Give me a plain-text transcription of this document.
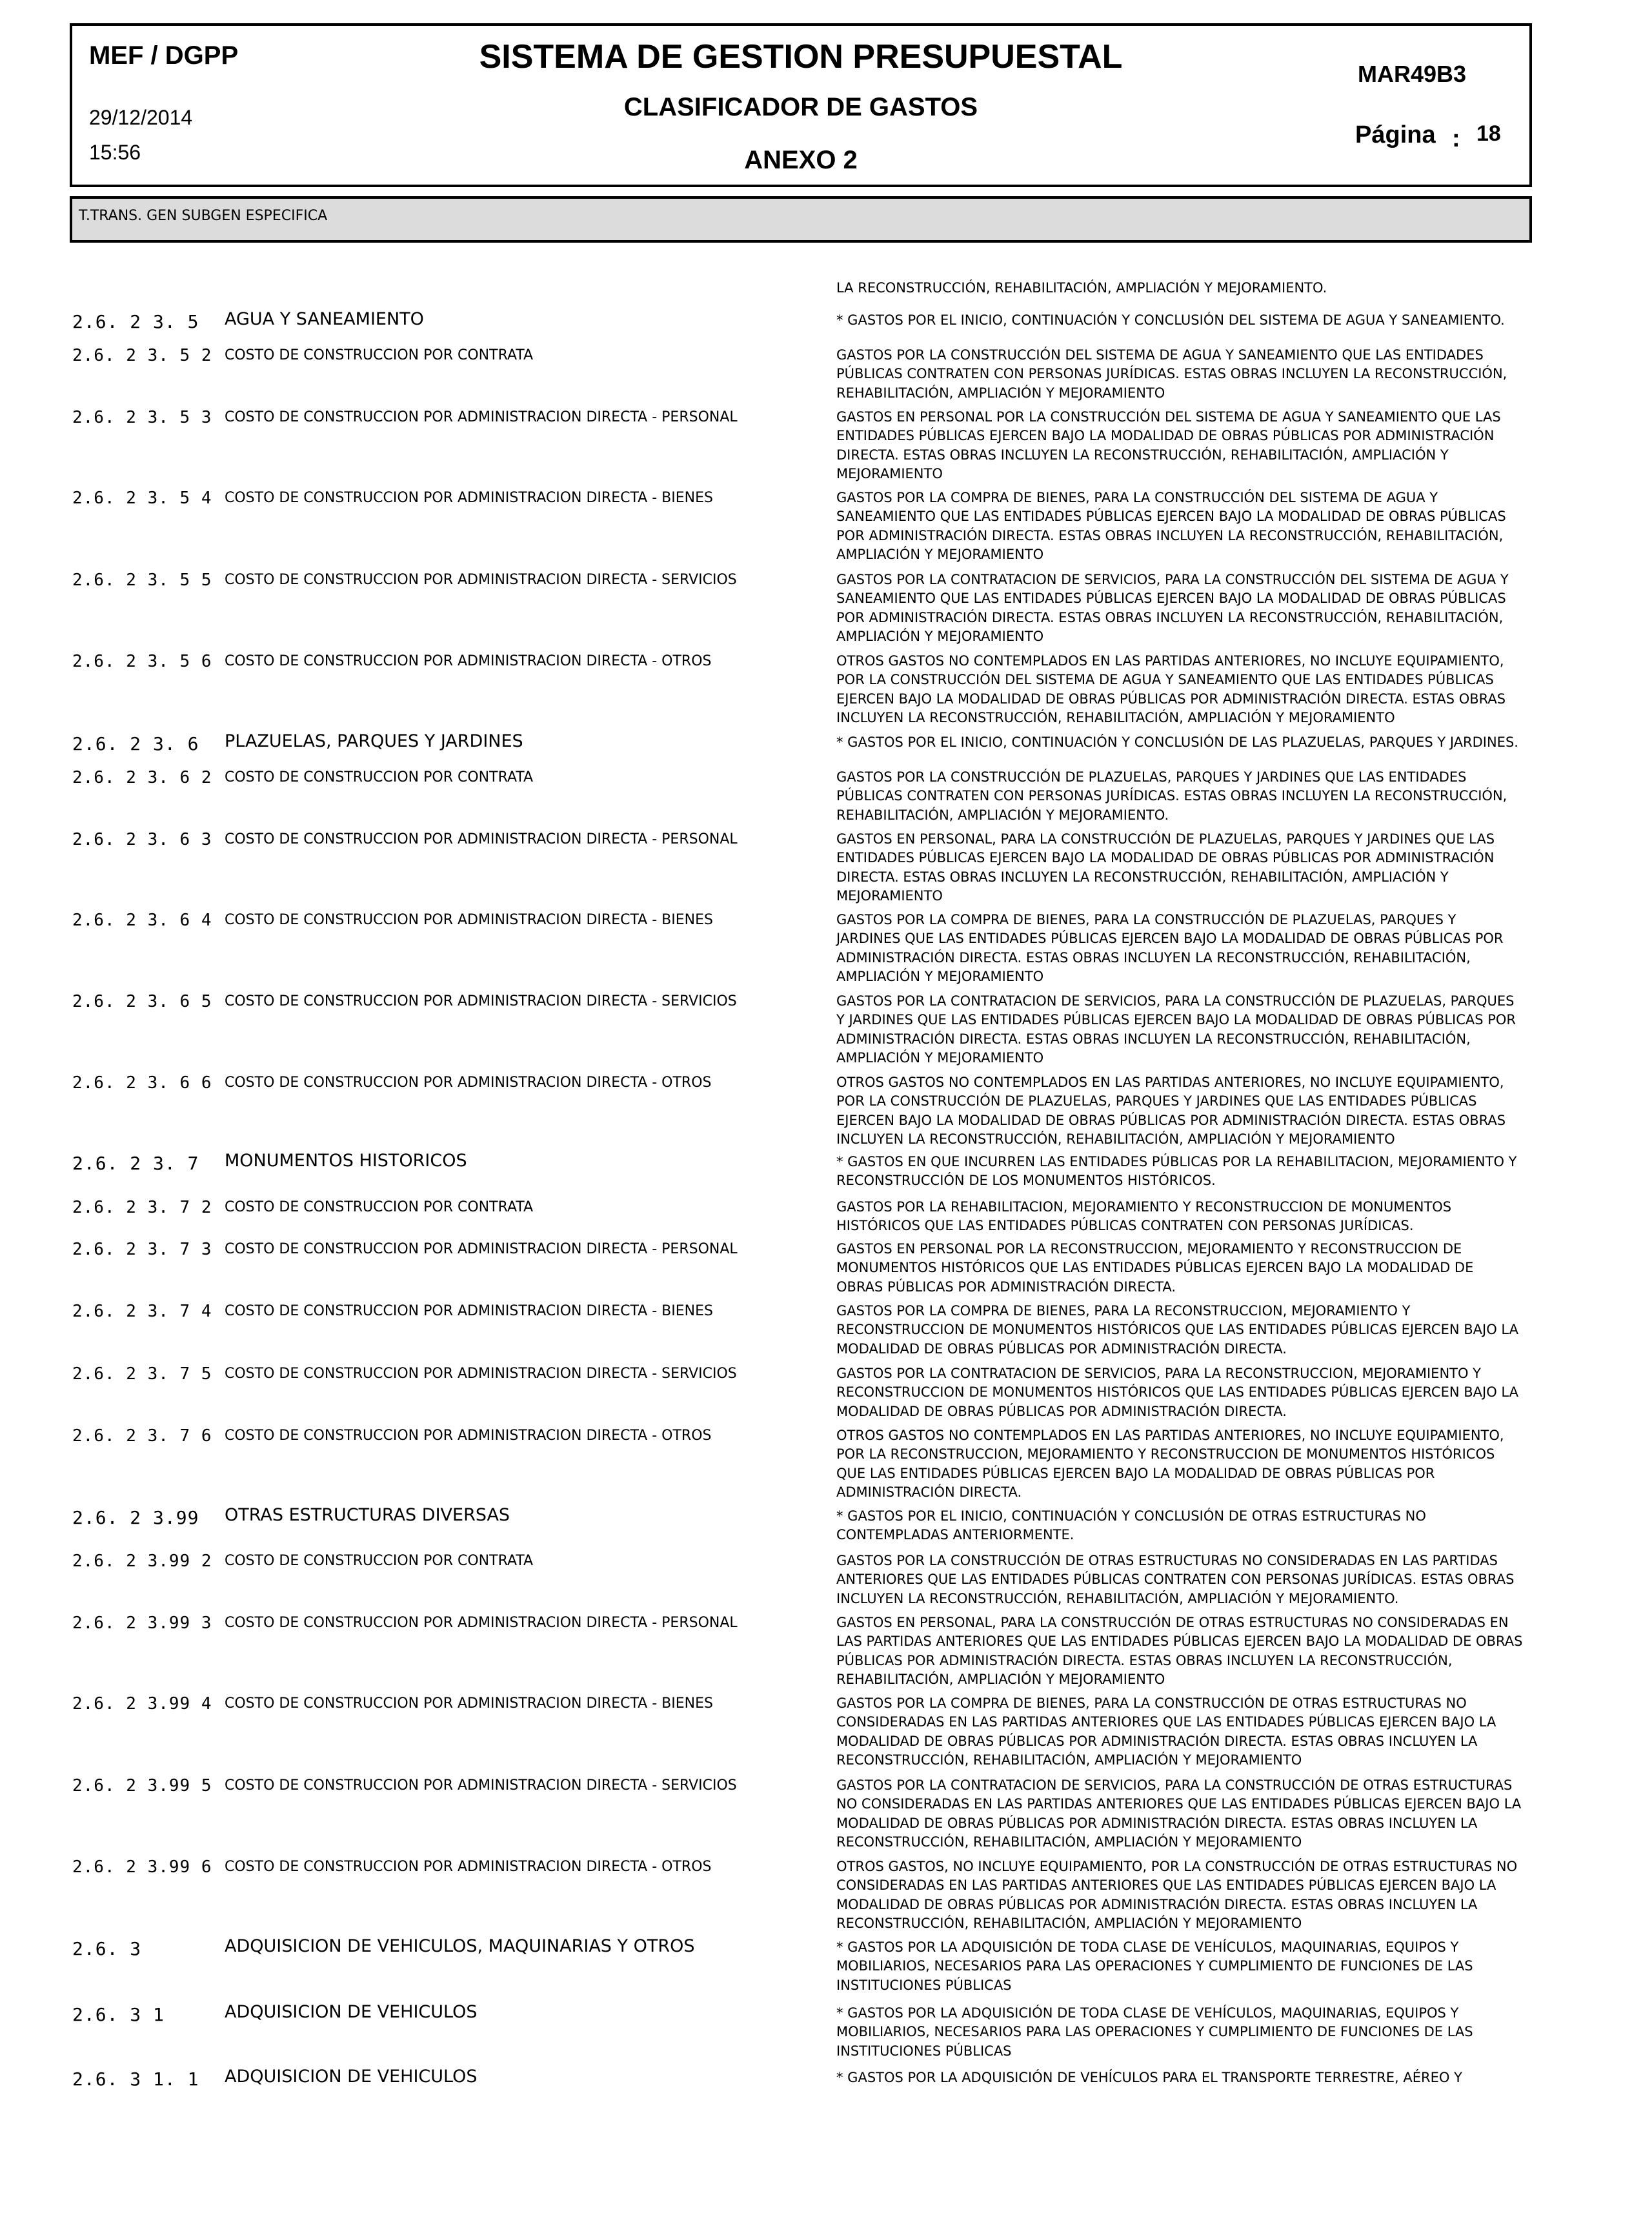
MEF / DGPP
29/12/2014
15:56
SISTEMA DE GESTION PRESUPUESTAL
CLASIFICADOR DE GASTOS
ANEXO 2
MAR49B3
Página : 18
T.TRANS. GEN SUBGEN ESPECIFICA
LA RECONSTRUCCIÓN, REHABILITACIÓN, AMPLIACIÓN Y MEJORAMIENTO.
2.6. 2 3. 5	AGUA Y SANEAMIENTO	* GASTOS POR EL INICIO, CONTINUACIÓN Y CONCLUSIÓN DEL SISTEMA DE AGUA Y SANEAMIENTO.
2.6. 2 3. 5 2 COSTO DE CONSTRUCCION POR CONTRATA	GASTOS POR LA CONSTRUCCIÓN DEL SISTEMA DE AGUA Y SANEAMIENTO QUE LAS ENTIDADES PÚBLICAS CONTRATEN CON PERSONAS JURÍDICAS. ESTAS OBRAS INCLUYEN LA RECONSTRUCCIÓN, REHABILITACIÓN, AMPLIACIÓN Y MEJORAMIENTO
2.6. 2 3. 5 3 COSTO DE CONSTRUCCION POR ADMINISTRACION DIRECTA - PERSONAL	GASTOS EN PERSONAL POR LA CONSTRUCCIÓN DEL SISTEMA DE AGUA Y SANEAMIENTO QUE LAS ENTIDADES PÚBLICAS EJERCEN BAJO LA MODALIDAD DE OBRAS PÚBLICAS POR ADMINISTRACIÓN DIRECTA. ESTAS OBRAS INCLUYEN LA RECONSTRUCCIÓN, REHABILITACIÓN, AMPLIACIÓN Y MEJORAMIENTO
2.6. 2 3. 5 4 COSTO DE CONSTRUCCION POR ADMINISTRACION DIRECTA - BIENES	GASTOS POR LA COMPRA DE BIENES, PARA LA CONSTRUCCIÓN DEL SISTEMA DE AGUA Y SANEAMIENTO QUE LAS ENTIDADES PÚBLICAS EJERCEN BAJO LA MODALIDAD DE OBRAS PÚBLICAS POR ADMINISTRACIÓN DIRECTA. ESTAS OBRAS INCLUYEN LA RECONSTRUCCIÓN, REHABILITACIÓN, AMPLIACIÓN Y MEJORAMIENTO
2.6. 2 3. 5 5 COSTO DE CONSTRUCCION POR ADMINISTRACION DIRECTA - SERVICIOS	GASTOS POR LA CONTRATACION DE SERVICIOS, PARA LA CONSTRUCCIÓN DEL SISTEMA DE AGUA Y SANEAMIENTO QUE LAS ENTIDADES PÚBLICAS EJERCEN BAJO LA MODALIDAD DE OBRAS PÚBLICAS POR ADMINISTRACIÓN DIRECTA. ESTAS OBRAS INCLUYEN LA RECONSTRUCCIÓN, REHABILITACIÓN, AMPLIACIÓN Y MEJORAMIENTO
2.6. 2 3. 5 6 COSTO DE CONSTRUCCION POR ADMINISTRACION DIRECTA - OTROS	OTROS GASTOS NO CONTEMPLADOS EN LAS PARTIDAS ANTERIORES, NO INCLUYE EQUIPAMIENTO, POR LA CONSTRUCCIÓN DEL SISTEMA DE AGUA Y SANEAMIENTO QUE LAS ENTIDADES PÚBLICAS EJERCEN BAJO LA MODALIDAD DE OBRAS PÚBLICAS POR ADMINISTRACIÓN DIRECTA. ESTAS OBRAS INCLUYEN LA RECONSTRUCCIÓN, REHABILITACIÓN, AMPLIACIÓN Y MEJORAMIENTO
2.6. 2 3. 6	PLAZUELAS, PARQUES Y JARDINES	* GASTOS POR EL INICIO, CONTINUACIÓN Y CONCLUSIÓN DE LAS PLAZUELAS, PARQUES Y JARDINES.
2.6. 2 3. 6 2 COSTO DE CONSTRUCCION POR CONTRATA	GASTOS POR LA CONSTRUCCIÓN DE PLAZUELAS, PARQUES Y JARDINES QUE LAS ENTIDADES PÚBLICAS CONTRATEN CON PERSONAS JURÍDICAS. ESTAS OBRAS INCLUYEN LA RECONSTRUCCIÓN, REHABILITACIÓN, AMPLIACIÓN Y MEJORAMIENTO.
2.6. 2 3. 6 3 COSTO DE CONSTRUCCION POR ADMINISTRACION DIRECTA - PERSONAL	GASTOS EN PERSONAL, PARA LA CONSTRUCCIÓN DE PLAZUELAS, PARQUES Y JARDINES QUE LAS ENTIDADES PÚBLICAS EJERCEN BAJO LA MODALIDAD DE OBRAS PÚBLICAS POR ADMINISTRACIÓN DIRECTA. ESTAS OBRAS INCLUYEN LA RECONSTRUCCIÓN, REHABILITACIÓN, AMPLIACIÓN Y MEJORAMIENTO
2.6. 2 3. 6 4 COSTO DE CONSTRUCCION POR ADMINISTRACION DIRECTA - BIENES	GASTOS POR LA COMPRA DE BIENES, PARA LA CONSTRUCCIÓN DE PLAZUELAS, PARQUES Y JARDINES QUE LAS ENTIDADES PÚBLICAS EJERCEN BAJO LA MODALIDAD DE OBRAS PÚBLICAS POR ADMINISTRACIÓN DIRECTA. ESTAS OBRAS INCLUYEN LA RECONSTRUCCIÓN, REHABILITACIÓN, AMPLIACIÓN Y MEJORAMIENTO
2.6. 2 3. 6 5 COSTO DE CONSTRUCCION POR ADMINISTRACION DIRECTA - SERVICIOS	GASTOS POR LA CONTRATACION DE SERVICIOS, PARA LA CONSTRUCCIÓN DE PLAZUELAS, PARQUES Y JARDINES QUE LAS ENTIDADES PÚBLICAS EJERCEN BAJO LA MODALIDAD DE OBRAS PÚBLICAS POR ADMINISTRACIÓN DIRECTA. ESTAS OBRAS INCLUYEN LA RECONSTRUCCIÓN, REHABILITACIÓN, AMPLIACIÓN Y MEJORAMIENTO
2.6. 2 3. 6 6 COSTO DE CONSTRUCCION POR ADMINISTRACION DIRECTA - OTROS	OTROS GASTOS NO CONTEMPLADOS EN LAS PARTIDAS ANTERIORES, NO INCLUYE EQUIPAMIENTO, POR LA CONSTRUCCIÓN DE PLAZUELAS, PARQUES Y JARDINES QUE LAS ENTIDADES PÚBLICAS EJERCEN BAJO LA MODALIDAD DE OBRAS PÚBLICAS POR ADMINISTRACIÓN DIRECTA. ESTAS OBRAS INCLUYEN LA RECONSTRUCCIÓN, REHABILITACIÓN, AMPLIACIÓN Y MEJORAMIENTO
2.6. 2 3. 7	MONUMENTOS HISTORICOS	* GASTOS EN QUE INCURREN LAS ENTIDADES PÚBLICAS POR LA REHABILITACION, MEJORAMIENTO Y RECONSTRUCCIÓN DE LOS MONUMENTOS HISTÓRICOS.
2.6. 2 3. 7 2 COSTO DE CONSTRUCCION POR CONTRATA	GASTOS POR LA REHABILITACION, MEJORAMIENTO Y RECONSTRUCCION DE MONUMENTOS HISTÓRICOS QUE LAS ENTIDADES PÚBLICAS CONTRATEN CON PERSONAS JURÍDICAS.
2.6. 2 3. 7 3 COSTO DE CONSTRUCCION POR ADMINISTRACION DIRECTA - PERSONAL	GASTOS EN PERSONAL POR LA RECONSTRUCCION, MEJORAMIENTO Y RECONSTRUCCION DE MONUMENTOS HISTÓRICOS QUE LAS ENTIDADES PÚBLICAS EJERCEN BAJO LA MODALIDAD DE OBRAS PÚBLICAS POR ADMINISTRACIÓN DIRECTA.
2.6. 2 3. 7 4 COSTO DE CONSTRUCCION POR ADMINISTRACION DIRECTA - BIENES	GASTOS POR LA COMPRA DE BIENES, PARA LA RECONSTRUCCION, MEJORAMIENTO Y RECONSTRUCCION DE MONUMENTOS HISTÓRICOS QUE LAS ENTIDADES PÚBLICAS EJERCEN BAJO LA MODALIDAD DE OBRAS PÚBLICAS POR ADMINISTRACIÓN DIRECTA.
2.6. 2 3. 7 5 COSTO DE CONSTRUCCION POR ADMINISTRACION DIRECTA - SERVICIOS	GASTOS POR LA CONTRATACION DE SERVICIOS, PARA LA RECONSTRUCCION, MEJORAMIENTO Y RECONSTRUCCION DE MONUMENTOS HISTÓRICOS QUE LAS ENTIDADES PÚBLICAS EJERCEN BAJO LA MODALIDAD DE OBRAS PÚBLICAS POR ADMINISTRACIÓN DIRECTA.
2.6. 2 3. 7 6 COSTO DE CONSTRUCCION POR ADMINISTRACION DIRECTA - OTROS	OTROS GASTOS NO CONTEMPLADOS EN LAS PARTIDAS ANTERIORES, NO INCLUYE EQUIPAMIENTO, POR LA RECONSTRUCCION, MEJORAMIENTO Y RECONSTRUCCION DE MONUMENTOS HISTÓRICOS QUE LAS ENTIDADES PÚBLICAS EJERCEN BAJO LA MODALIDAD DE OBRAS PÚBLICAS POR ADMINISTRACIÓN DIRECTA.
2.6. 2 3.99	OTRAS ESTRUCTURAS DIVERSAS	* GASTOS POR EL INICIO, CONTINUACIÓN Y CONCLUSIÓN DE OTRAS ESTRUCTURAS NO CONTEMPLADAS ANTERIORMENTE.
2.6. 2 3.99 2 COSTO DE CONSTRUCCION POR CONTRATA	GASTOS POR LA CONSTRUCCIÓN DE OTRAS ESTRUCTURAS NO CONSIDERADAS EN LAS PARTIDAS ANTERIORES QUE LAS ENTIDADES PÚBLICAS CONTRATEN CON PERSONAS JURÍDICAS. ESTAS OBRAS INCLUYEN LA RECONSTRUCCIÓN, REHABILITACIÓN, AMPLIACIÓN Y MEJORAMIENTO.
2.6. 2 3.99 3 COSTO DE CONSTRUCCION POR ADMINISTRACION DIRECTA - PERSONAL	GASTOS EN PERSONAL, PARA LA CONSTRUCCIÓN DE OTRAS ESTRUCTURAS NO CONSIDERADAS EN LAS PARTIDAS ANTERIORES QUE LAS ENTIDADES PÚBLICAS EJERCEN BAJO LA MODALIDAD DE OBRAS PÚBLICAS POR ADMINISTRACIÓN DIRECTA. ESTAS OBRAS INCLUYEN LA RECONSTRUCCIÓN, REHABILITACIÓN, AMPLIACIÓN Y MEJORAMIENTO
2.6. 2 3.99 4 COSTO DE CONSTRUCCION POR ADMINISTRACION DIRECTA - BIENES	GASTOS POR LA COMPRA DE BIENES, PARA LA CONSTRUCCIÓN DE OTRAS ESTRUCTURAS NO CONSIDERADAS EN LAS PARTIDAS ANTERIORES QUE LAS ENTIDADES PÚBLICAS EJERCEN BAJO LA MODALIDAD DE OBRAS PÚBLICAS POR ADMINISTRACIÓN DIRECTA. ESTAS OBRAS INCLUYEN LA RECONSTRUCCIÓN, REHABILITACIÓN, AMPLIACIÓN Y MEJORAMIENTO
2.6. 2 3.99 5 COSTO DE CONSTRUCCION POR ADMINISTRACION DIRECTA - SERVICIOS	GASTOS POR LA CONTRATACION DE SERVICIOS, PARA LA CONSTRUCCIÓN DE OTRAS ESTRUCTURAS NO CONSIDERADAS EN LAS PARTIDAS ANTERIORES QUE LAS ENTIDADES PÚBLICAS EJERCEN BAJO LA MODALIDAD DE OBRAS PÚBLICAS POR ADMINISTRACIÓN DIRECTA. ESTAS OBRAS INCLUYEN LA RECONSTRUCCIÓN, REHABILITACIÓN, AMPLIACIÓN Y MEJORAMIENTO
2.6. 2 3.99 6 COSTO DE CONSTRUCCION POR ADMINISTRACION DIRECTA - OTROS	OTROS GASTOS, NO INCLUYE EQUIPAMIENTO, POR LA CONSTRUCCIÓN DE OTRAS ESTRUCTURAS NO CONSIDERADAS EN LAS PARTIDAS ANTERIORES QUE LAS ENTIDADES PÚBLICAS EJERCEN BAJO LA MODALIDAD DE OBRAS PÚBLICAS POR ADMINISTRACIÓN DIRECTA. ESTAS OBRAS INCLUYEN LA RECONSTRUCCIÓN, REHABILITACIÓN, AMPLIACIÓN Y MEJORAMIENTO
2.6. 3	ADQUISICION DE VEHICULOS, MAQUINARIAS Y OTROS	* GASTOS POR LA ADQUISICIÓN DE TODA CLASE DE VEHÍCULOS, MAQUINARIAS, EQUIPOS Y MOBILIARIOS, NECESARIOS PARA LAS OPERACIONES Y CUMPLIMIENTO DE FUNCIONES DE LAS INSTITUCIONES PÚBLICAS
2.6. 3 1	ADQUISICION DE VEHICULOS	* GASTOS POR LA ADQUISICIÓN DE TODA CLASE DE VEHÍCULOS, MAQUINARIAS, EQUIPOS Y MOBILIARIOS, NECESARIOS PARA LAS OPERACIONES Y CUMPLIMIENTO DE FUNCIONES DE LAS INSTITUCIONES PÚBLICAS
2.6. 3 1. 1	ADQUISICION DE VEHICULOS	* GASTOS POR LA ADQUISICIÓN DE VEHÍCULOS PARA EL TRANSPORTE TERRESTRE, AÉREO Y
